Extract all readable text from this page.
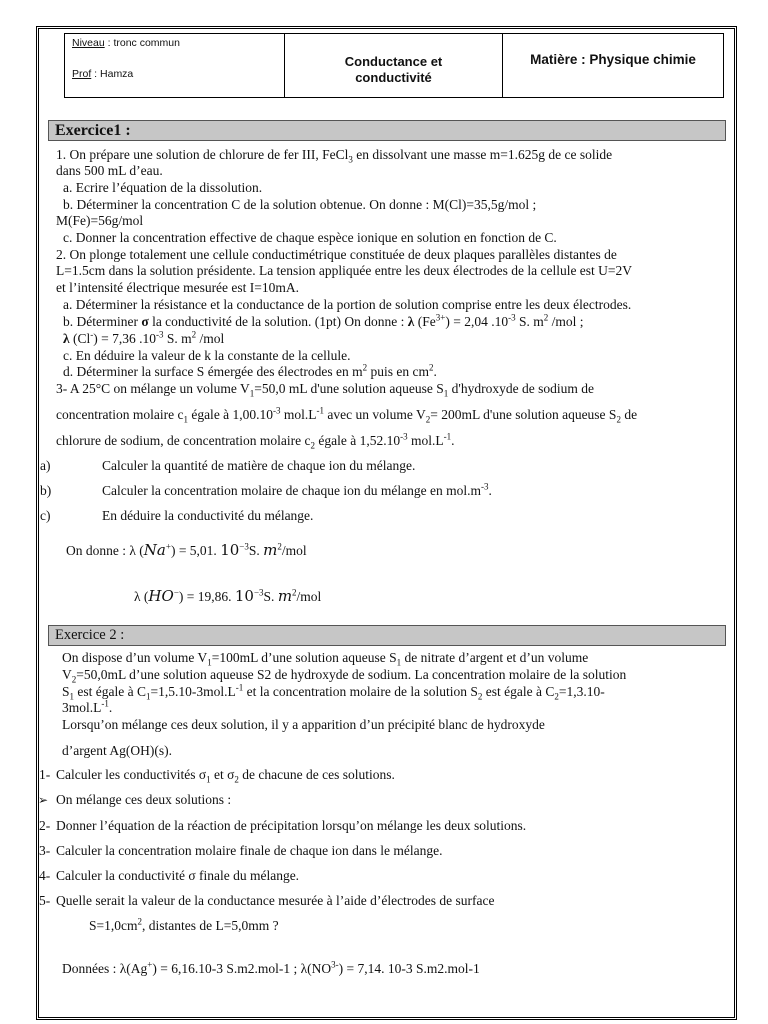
Niveau : tronc commun
Prof : Hamza
Conductance et
conductivité
Matière : Physique chimie
Exercice1 :
1. On prépare une solution de chlorure de fer III, FeCl$_3$ en dissolvant une masse m=1.625g de ce solide
dans 500 mL d’eau.
a. Ecrire l’équation de la dissolution.
b. Déterminer la concentration C de la solution obtenue. On donne : M(Cl)=35,5g/mol ;
M(Fe)=56g/mol
c. Donner la concentration effective de chaque espèce ionique en solution en fonction de C.
2. On plonge totalement une cellule conductimétrique constituée de deux plaques parallèles distantes de
L=1.5cm dans la solution présidente. La tension appliquée entre les deux électrodes de la cellule est U=2V
et l’intensité électrique mesurée est I=10mA.
a. Déterminer la résistance et la conductance de la portion de solution comprise entre les deux électrodes.
b. Déterminer σ la conductivité de la solution. (1pt) On donne : λ $(Fe^{3+}) = 2,04$ $.10^{-3}$ S. $m^2$ /mol ;
λ (Cl-) = 7,36 $.10^{-3}$ S. $m^2$ /mol
c. En déduire la valeur de k la constante de la cellule.
d. Déterminer la surface S émergée des électrodes en $m^2$ puis en $cm^2$.
3- A 25°C on mélange un volume $V_1=50,0$ mL d'une solution aqueuse $S_1$ d'hydroxyde de sodium de
concentration molaire $c_1$ égale à $1,00.10^{-3}$ $mol.L^{-1}$ avec un volume $V_2= 200mL$ d'une solution aqueuse $S_2$ de
chlorure de sodium, de concentration molaire $c_2$ égale à $1,52.10^{-3}$ $mol.L^{-1}$.
a)	Calculer la quantité de matière de chaque ion du mélange.
b)	Calculer la concentration molaire de chaque ion du mélange en $mol.m^{-3}$.
c)	En déduire la conductivité du mélange.
On donne : λ (Na+) = 5,01. $10^{-3}S$. $m^2$/mol
λ (HO−) = 19,86. $10^{-3}S$. $m^2$/mol
Exercice 2 :
On dispose d’un volume $V_1=100mL$ d’une solution aqueuse $S_1$ de nitrate d’argent et d’un volume
$V_2=50,0mL$ d’une solution aqueuse S2 de hydroxyde de sodium. La concentration molaire de la solution
$S_1$ est égale à $C_1=1,5.10-3mol.L^{-1}$ et la concentration molaire de la solution $S_2$ est égale à $C_2=1,3.10-$
$3mol.L^{-1}$.
Lorsqu’on mélange ces deux solution, il y a apparition d’un précipité blanc de hydroxyde
d’argent Ag(OH)(s).
1- Calculer les conductivités $\sigma_1$ et $\sigma_2$ de chacune de ces solutions.
➢ On mélange ces deux solutions :
2- Donner l’équation de la réaction de précipitation lorsqu’on mélange les deux solutions.
3- Calculer la concentration molaire finale de chaque ion dans le mélange.
4- Calculer la conductivité σ finale du mélange.
5- Quelle serait la valeur de la conductance mesurée à l’aide d’électrodes de surface
$S=1,0cm^2$, distantes de L=5,0mm ?
Données : λ(Ag+) = 6,16.10-3 S.m2.mol-1 ; $\lambda(NO^{3-}) = 7,14$. 10-3 S.m2.mol-1
